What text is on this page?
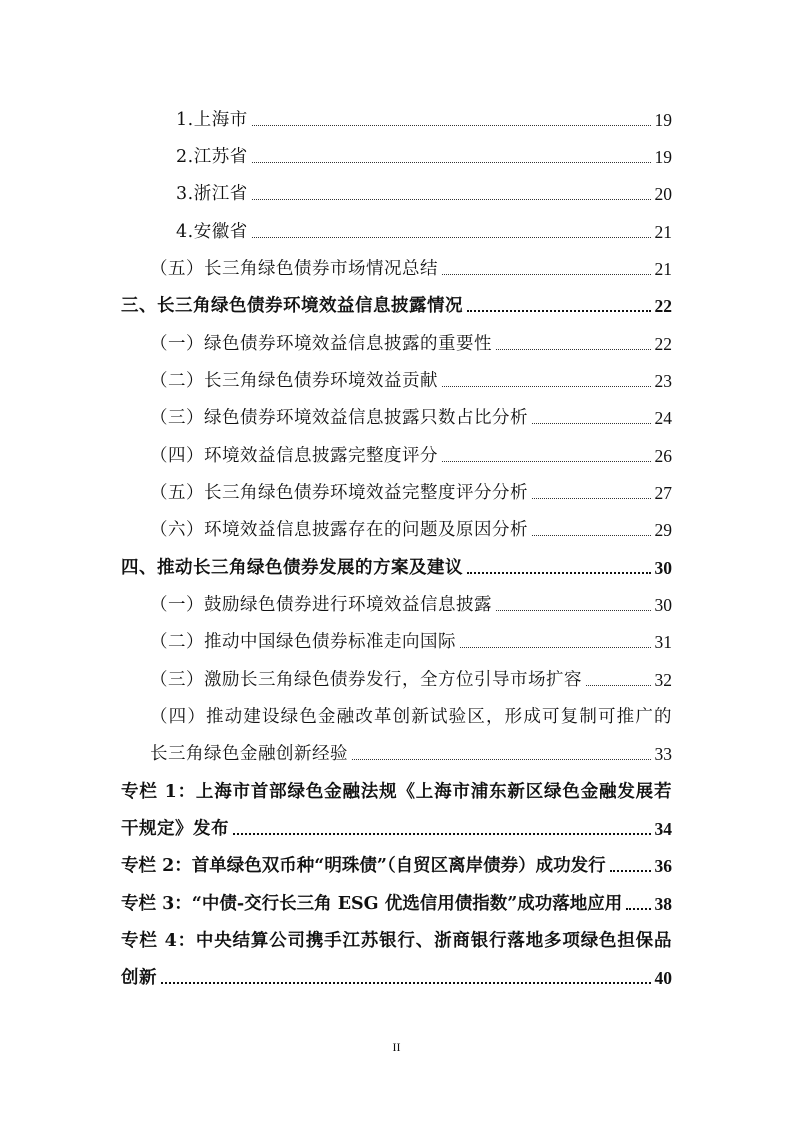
1.上海市	19
2.江苏省	19
3.浙江省	20
4.安徽省	21
（五）长三角绿色债券市场情况总结	21
三、长三角绿色债券环境效益信息披露情况	22
（一）绿色债券环境效益信息披露的重要性	22
（二）长三角绿色债券环境效益贡献	23
（三）绿色债券环境效益信息披露只数占比分析	24
（四）环境效益信息披露完整度评分	26
（五）长三角绿色债券环境效益完整度评分分析	27
（六）环境效益信息披露存在的问题及原因分析	29
四、推动长三角绿色债券发展的方案及建议	30
（一）鼓励绿色债券进行环境效益信息披露	30
（二）推动中国绿色债券标准走向国际	31
（三）激励长三角绿色债券发行，全方位引导市场扩容	32
（四）推动建设绿色金融改革创新试验区，形成可复制可推广的
长三角绿色金融创新经验	33
专栏 1：上海市首部绿色金融法规《上海市浦东新区绿色金融发展若
干规定》发布	34
专栏 2：首单绿色双币种“明珠债”（自贸区离岸债券）成功发行	36
专栏 3：“中债-交行长三角 ESG 优选信用债指数”成功落地应用 38
专栏 4：中央结算公司携手江苏银行、浙商银行落地多项绿色担保品
创新	40
II
